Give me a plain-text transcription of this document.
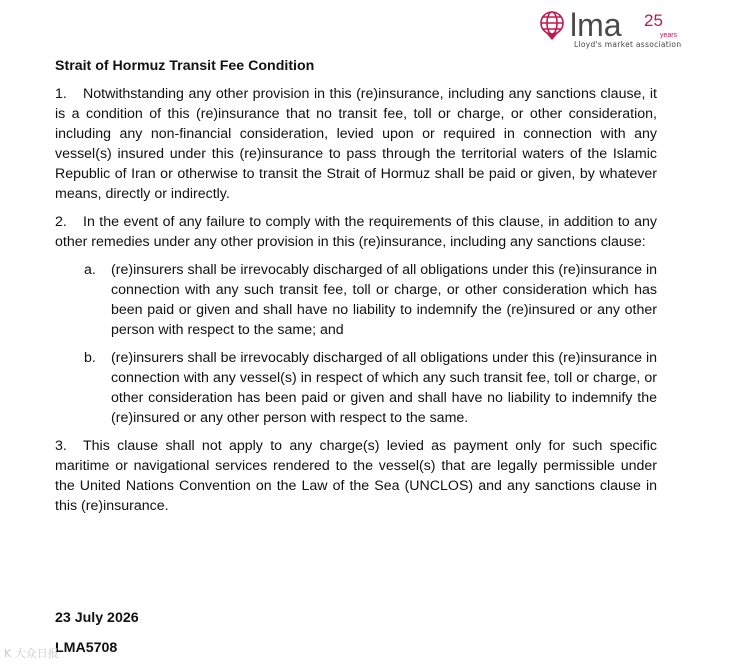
lma 25
years
Lloyd's market association
Strait of Hormuz Transit Fee Condition
1. Notwithstanding any other provision in this (re)insurance, including any sanctions clause, it is a condition of this (re)insurance that no transit fee, toll or charge, or other consideration, including any non-financial consideration, levied upon or required in connection with any vessel(s) insured under this (re)insurance to pass through the territorial waters of the Islamic Republic of Iran or otherwise to transit the Strait of Hormuz shall be paid or given, by whatever means, directly or indirectly.
2. In the event of any failure to comply with the requirements of this clause, in addition to any other remedies under any other provision in this (re)insurance, including any sanctions clause:
a. (re)insurers shall be irrevocably discharged of all obligations under this (re)insurance in connection with any such transit fee, toll or charge, or other consideration which has been paid or given and shall have no liability to indemnify the (re)insured or any other person with respect to the same; and
b. (re)insurers shall be irrevocably discharged of all obligations under this (re)insurance in connection with any vessel(s) in respect of which any such transit fee, toll or charge, or other consideration has been paid or given and shall have no liability to indemnify the (re)insured or any other person with respect to the same.
3. This clause shall not apply to any charge(s) levied as payment only for such specific maritime or navigational services rendered to the vessel(s) that are legally permissible under the United Nations Convention on the Law of the Sea (UNCLOS) and any sanctions clause in this (re)insurance.
23 July 2026
LMA5708
K 大众日报
